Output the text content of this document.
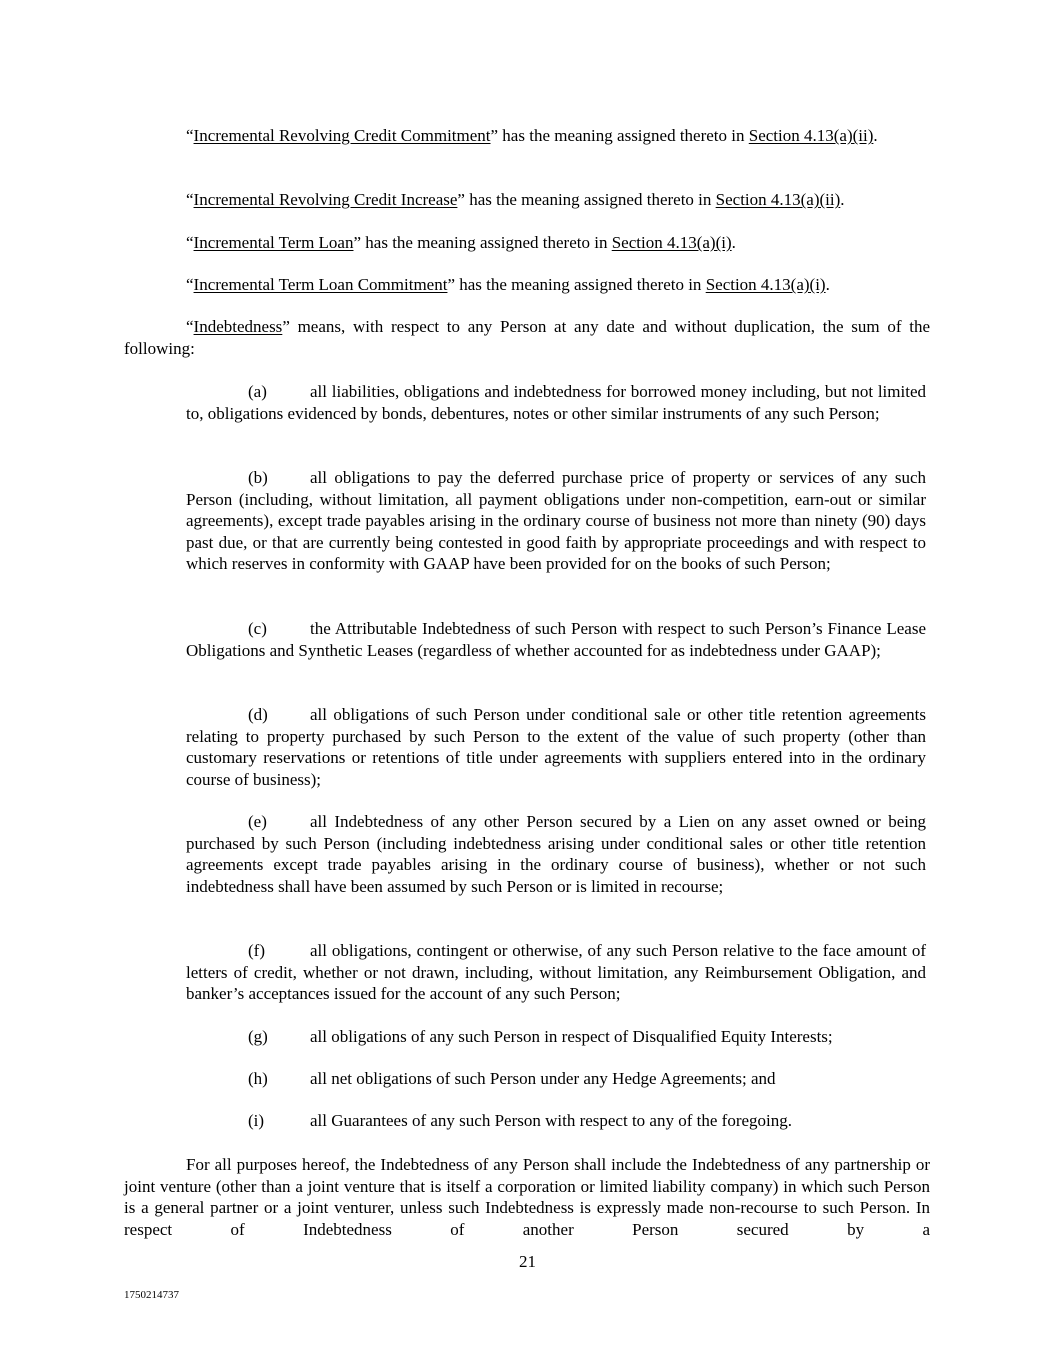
“Incremental Revolving Credit Commitment” has the meaning assigned thereto in Section 4.13(a)(ii).

“Incremental Revolving Credit Increase” has the meaning assigned thereto in Section 4.13(a)(ii).

“Incremental Term Loan” has the meaning assigned thereto in Section 4.13(a)(i).

“Incremental Term Loan Commitment” has the meaning assigned thereto in Section 4.13(a)(i).

“Indebtedness” means, with respect to any Person at any date and without duplication, the sum of the following:

(a)	all liabilities, obligations and indebtedness for borrowed money including, but not limited to, obligations evidenced by bonds, debentures, notes or other similar instruments of any such Person;

(b) all obligations to pay the deferred purchase price of property or services of any such Person (including, without limitation, all payment obligations under non-competition, earn-out or similar agreements), except trade payables arising in the ordinary course of business not more than ninety (90) days past due, or that are currently being contested in good faith by appropriate proceedings and with respect to which reserves in conformity with GAAP have been provided for on the books of such Person;

(c)	the Attributable Indebtedness of such Person with respect to such Person’s Finance Lease Obligations and Synthetic Leases (regardless of whether accounted for as indebtedness under GAAP);

(d) all obligations of such Person under conditional sale or other title retention agreements relating to property purchased by such Person to the extent of the value of such property (other than customary reservations or retentions of title under agreements with suppliers entered into in the ordinary course of business);

(e)	all Indebtedness of any other Person secured by a Lien on any asset owned or being purchased by such Person (including indebtedness arising under conditional sales or other title retention agreements except trade payables arising in the ordinary course of business), whether or not such indebtedness shall have been assumed by such Person or is limited in recourse;

(f)	all obligations, contingent or otherwise, of any such Person relative to the face amount of letters of credit, whether or not drawn, including, without limitation, any Reimbursement Obligation, and banker’s acceptances issued for the account of any such Person;

(g) all obligations of any such Person in respect of Disqualified Equity Interests;

(h) all net obligations of such Person under any Hedge Agreements; and

(i)	all Guarantees of any such Person with respect to any of the foregoing.

For all purposes hereof, the Indebtedness of any Person shall include the Indebtedness of any partnership or joint venture (other than a joint venture that is itself a corporation or limited liability company) in which such Person is a general partner or a joint venturer, unless such Indebtedness is expressly made non-recourse to such Person. In respect of Indebtedness of another Person secured by a

21
1750214737
